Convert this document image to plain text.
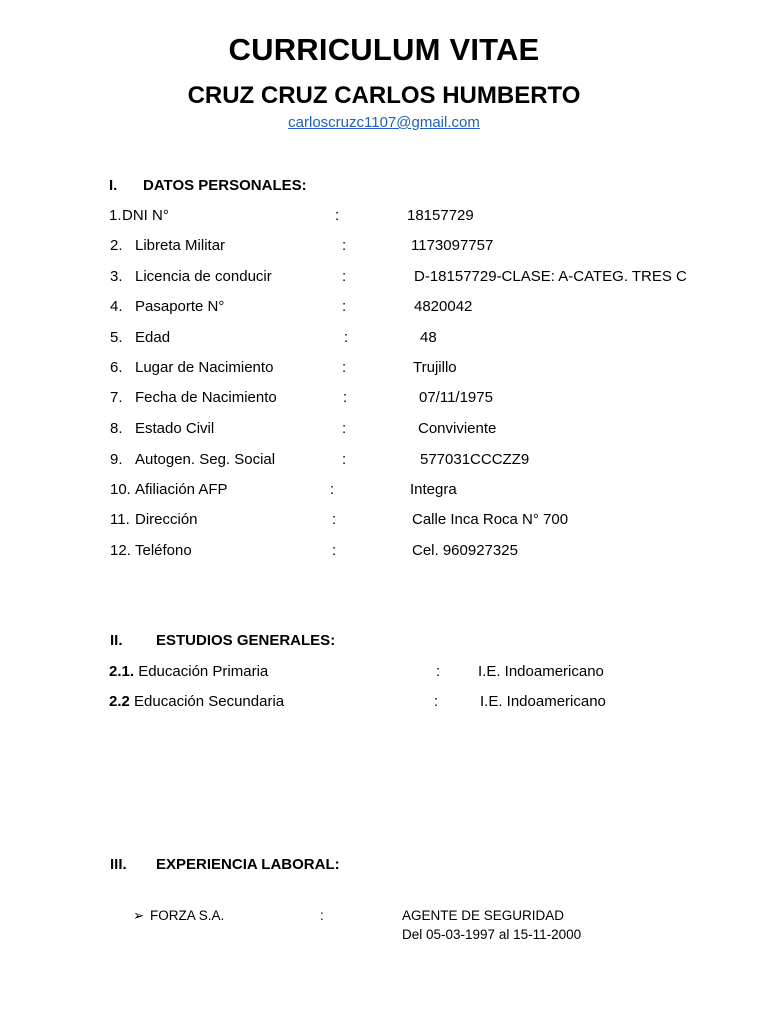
CURRICULUM VITAE
CRUZ CRUZ CARLOS HUMBERTO
carloscruzc1107@gmail.com
I. DATOS PERSONALES:
1. DNI N°	:	18157729
2. Libreta Militar	:	1173097757
3. Licencia de conducir	:	D-18157729-CLASE: A-CATEG. TRES C
4. Pasaporte N°	:	4820042
5. Edad	:	48
6. Lugar de Nacimiento	:	Trujillo
7. Fecha de Nacimiento	:	07/11/1975
8. Estado Civil	:	Conviviente
9. Autogen. Seg. Social	:	577031CCCZZ9
10. Afiliación AFP	:	Integra
11. Dirección	:	Calle Inca Roca N° 700
12. Teléfono	:	Cel. 960927325
II. ESTUDIOS GENERALES:
2.1. Educación Primaria	:	I.E. Indoamericano
2.2 Educación Secundaria	:	I.E. Indoamericano
III. EXPERIENCIA LABORAL:
➢ FORZA S.A.	:	AGENTE DE SEGURIDAD
Del 05-03-1997 al 15-11-2000
